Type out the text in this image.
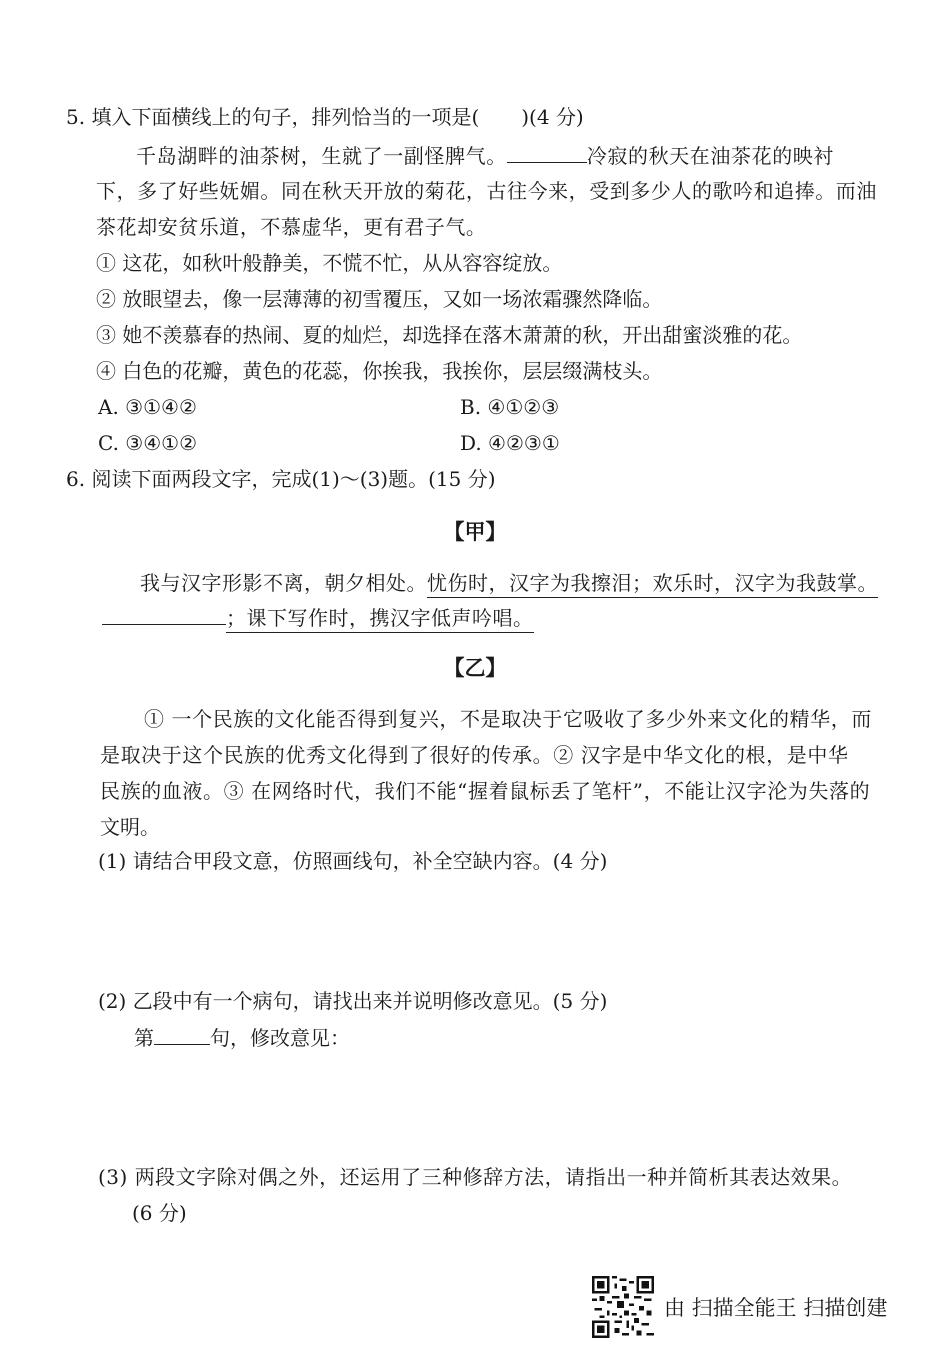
5. 填入下面横线上的句子，排列恰当的一项是( )(4 分)
千岛湖畔的油茶树，生就了一副怪脾气。	冷寂的秋天在油茶花的映衬
下，多了好些妩媚。同在秋天开放的菊花，古往今来，受到多少人的歌吟和追捧。而油
茶花却安贫乐道，不慕虚华，更有君子气。
① 这花，如秋叶般静美，不慌不忙，从从容容绽放。
② 放眼望去，像一层薄薄的初雪覆压，又如一场浓霜骤然降临。
③ 她不羡慕春的热闹、夏的灿烂，却选择在落木萧萧的秋，开出甜蜜淡雅的花。
④ 白色的花瓣，黄色的花蕊，你挨我，我挨你，层层缀满枝头。
A. ③①④②	B. ④①②③
C. ③④①②	D. ④②③①
6. 阅读下面两段文字，完成(1)～(3)题。(15 分)
【甲】
我与汉字形影不离，朝夕相处。忧伤时，汉字为我擦泪；欢乐时，汉字为我鼓掌。
；课下写作时，携汉字低声吟唱。
【乙】
① 一个民族的文化能否得到复兴，不是取决于它吸收了多少外来文化的精华，而
是取决于这个民族的优秀文化得到了很好的传承。② 汉字是中华文化的根，是中华
民族的血液。③ 在网络时代，我们不能“握着鼠标丢了笔杆”，不能让汉字沦为失落的
文明。
(1) 请结合甲段文意，仿照画线句，补全空缺内容。(4 分)
(2) 乙段中有一个病句，请找出来并说明修改意见。(5 分)
第	句，修改意见：
(3) 两段文字除对偶之外，还运用了三种修辞方法，请指出一种并简析其表达效果。
(6 分)
由 扫描全能王 扫描创建
